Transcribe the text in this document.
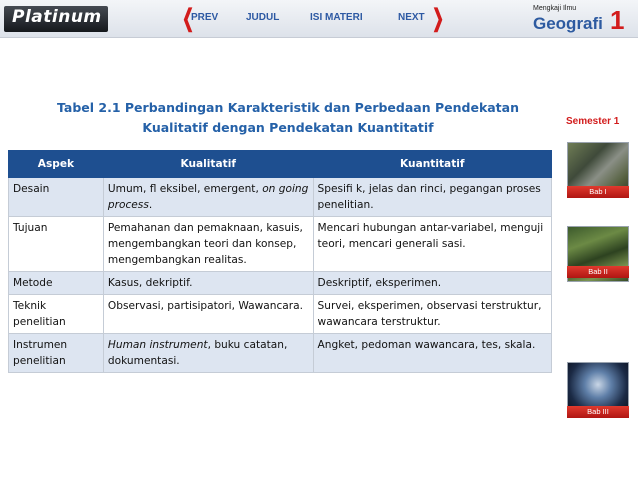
Platinum	❮
PREV	JUDUL	ISI MATERI	NEXT ❯	Mengkaji Ilmu
Geografi 1
Tabel 2.1 Perbandingan Karakteristik dan Perbedaan Pendekatan
Kualitatif dengan Pendekatan Kuantitatif	Semester 1
Bab I
Bab II
Bab III
Aspek	Kualitatif	Kuantitatif
Desain	Umum, fl eksibel, emergent, on going process.	Spesifi k, jelas dan rinci, pegangan proses penelitian.
Tujuan	Pemahanan dan pemaknaan, kasuis, mengembangkan teori dan konsep, mengembangkan realitas.	Mencari hubungan antar-variabel, menguji teori, mencari generali sasi.
Metode	Kasus, dekriptif.	Deskriptif, eksperimen.
Teknik penelitian	Observasi, partisipatori, Wawancara.	Survei, eksperimen, observasi terstruktur, wawancara terstruktur.
Instrumen penelitian	Human instrument, buku catatan, dokumentasi.	Angket, pedoman wawancara, tes, skala.
